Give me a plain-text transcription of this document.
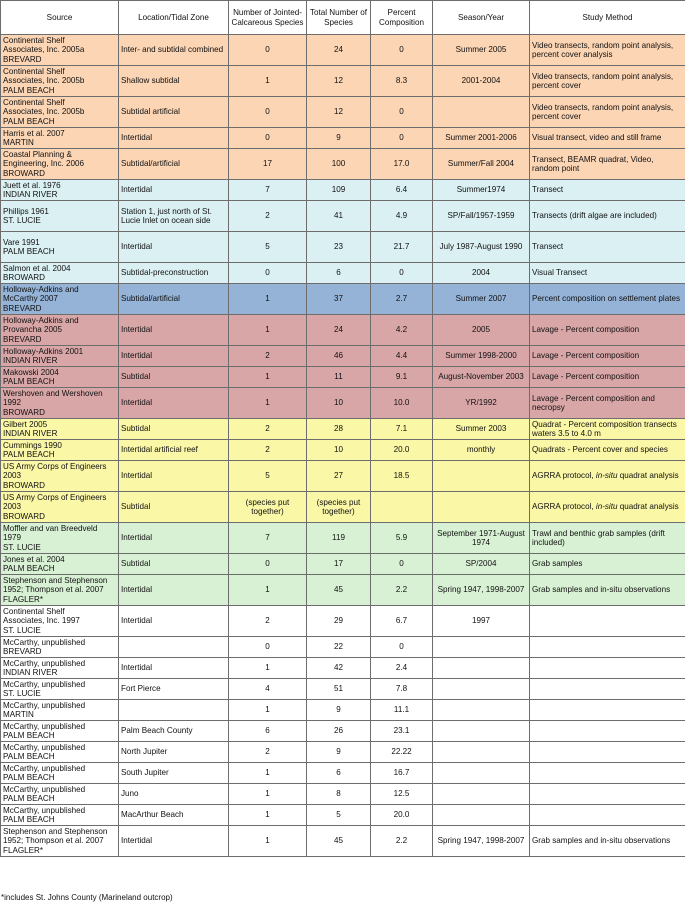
Source	Location/Tidal Zone	Number of Jointed-Calcareous Species	Total Number of Species	Percent Composition	Season/Year	Study Method

Continental Shelf
Associates, Inc. 2005a
BREVARD	Inter- and subtidal combined	0	24	0	Summer 2005	Video transects, random point analysis, percent cover analysis

Continental Shelf
Associates, Inc. 2005b
PALM BEACH	Shallow subtidal	1	12	8.3	2001-2004	Video transects, random point analysis, percent cover

Continental Shelf
Associates, Inc. 2005b
PALM BEACH	Subtidal artificial	0	12	0		Video transects, random point analysis, percent cover

Harris et al. 2007
MARTIN	Intertidal	0	9	0	Summer 2001-2006	Visual transect, video and still frame

Coastal Planning &
Engineering, Inc. 2006
BROWARD	Subtidal/artificial	17	100	17.0	Summer/Fall 2004	Transect, BEAMR quadrat, Video, random point

Juett et al. 1976
INDIAN RIVER	Intertidal	7	109	6.4	Summer1974	Transect

Phillips 1961
ST. LUCIE	Station 1, just north of St. Lucie Inlet on ocean side	2	41	4.9	SP/Fall/1957-1959	Transects (drift algae are included)

Vare 1991
PALM BEACH	Intertidal	5	23	21.7	July 1987-August 1990	Transect

Salmon et al. 2004
BROWARD	Subtidal-preconstruction	0	6	0	2004	Visual Transect

Holloway-Adkins and
McCarthy 2007
BREVARD	Subtidal/artificial	1	37	2.7	Summer 2007	Percent composition on settlement plates

Holloway-Adkins and
Provancha 2005
BREVARD	Intertidal	1	24	4.2	2005	Lavage - Percent composition

Holloway-Adkins 2001
INDIAN RIVER	Intertidal	2	46	4.4	Summer 1998-2000	Lavage - Percent composition

Makowski 2004
PALM BEACH	Subtidal	1	11	9.1	August-November 2003	Lavage - Percent composition

Wershoven and Wershoven
1992
BROWARD	Intertidal	1	10	10.0	YR/1992	Lavage - Percent composition and necropsy

Gilbert 2005
INDIAN RIVER	Subtidal	2	28	7.1	Summer 2003	Quadrat - Percent composition transects waters 3.5 to 4.0 m

Cummings 1990
PALM BEACH	Intertidal artificial reef	2	10	20.0	monthly	Quadrats - Percent cover and species

US Army Corps of Engineers
2003
BROWARD	Intertidal	5	27	18.5		AGRRA protocol, in-situ quadrat analysis

US Army Corps of Engineers
2003
BROWARD	Subtidal	(species put together)	(species put together)			AGRRA protocol, in-situ quadrat analysis

Moffler and van Breedveld
1979
ST. LUCIE	Intertidal	7	119	5.9	September 1971-August 1974	Trawl and benthic grab samples (drift included)

Jones et al. 2004
PALM BEACH	Subtidal	0	17	0	SP/2004	Grab samples

Stephenson and Stephenson
1952; Thompson et al. 2007
FLAGLER*	Intertidal	1	45	2.2	Spring 1947, 1998-2007	Grab samples and in-situ observations

Continental Shelf
Associates, Inc. 1997
ST. LUCIE	Intertidal	2	29	6.7	1997	

McCarthy, unpublished
BREVARD		0	22	0		

McCarthy, unpublished
INDIAN RIVER	Intertidal	1	42	2.4		

McCarthy, unpublished
ST. LUCIE	Fort Pierce	4	51	7.8		

McCarthy, unpublished
MARTIN		1	9	11.1		

McCarthy, unpublished
PALM BEACH	Palm Beach County	6	26	23.1		

McCarthy, unpublished
PALM BEACH	North Jupiter	2	9	22.22		

McCarthy, unpublished
PALM BEACH	South Jupiter	1	6	16.7		

McCarthy, unpublished
PALM BEACH	Juno	1	8	12.5		

McCarthy, unpublished
PALM BEACH	MacArthur Beach	1	5	20.0		

Stephenson and Stephenson
1952; Thompson et al. 2007
FLAGLER*	Intertidal	1	45	2.2	Spring 1947, 1998-2007	Grab samples and in-situ observations
*includes St. Johns County (Marineland outcrop)
